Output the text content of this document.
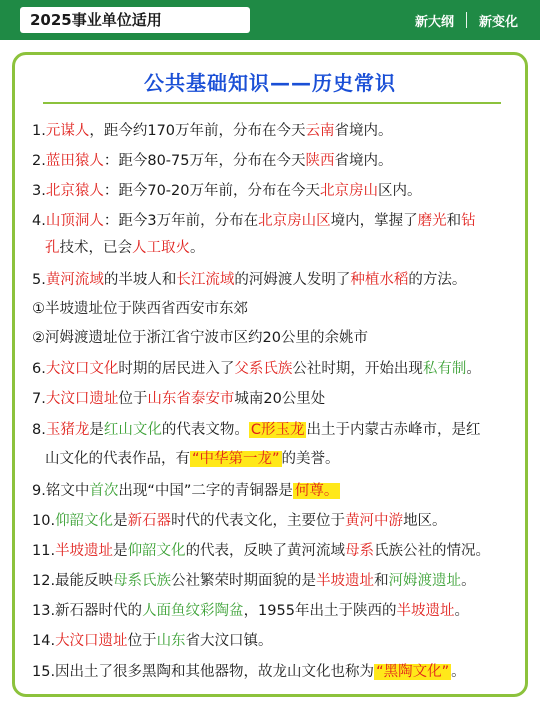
2025事业单位适用	新大纲 新变化
公共基础知识——历史常识
1.元谋人，距今约170万年前，分布在今天云南省境内。
2.蓝田猿人：距今80-75万年，分布在今天陕西省境内。
3.北京猿人：距今70-20万年前，分布在今天北京房山区内。
4.山顶洞人：距今3万年前，分布在北京房山区境内，掌握了磨光和钻
孔技术，已会人工取火。
5.黄河流域的半坡人和长江流域的河姆渡人发明了种植水稻的方法。
①半坡遗址位于陕西省西安市东郊
②河姆渡遗址位于浙江省宁波市区约20公里的余姚市
6.大汶口文化时期的居民进入了父系氏族公社时期，开始出现私有制。
7.大汶口遗址位于山东省泰安市城南20公里处
8.玉猪龙是红山文化的代表文物。 C形玉龙 出土于内蒙古赤峰市，是红
山文化的代表作品，有 “中华第一龙” 的美誉。
9.铭文中首次出现“中国”二字的青铜器是 何尊。
10.仰韶文化是新石器时代的代表文化，主要位于黄河中游地区。
11.半坡遗址是仰韶文化的代表，反映了黄河流域母系氏族公社的情况。
12.最能反映母系氏族公社繁荣时期面貌的是半坡遗址和河姆渡遗址。
13.新石器时代的人面鱼纹彩陶盆，1955年出土于陕西的半坡遗址。
14.大汶口遗址位于山东省大汶口镇。
15.因出土了很多黑陶和其他器物，故龙山文化也称为 “黑陶文化” 。
